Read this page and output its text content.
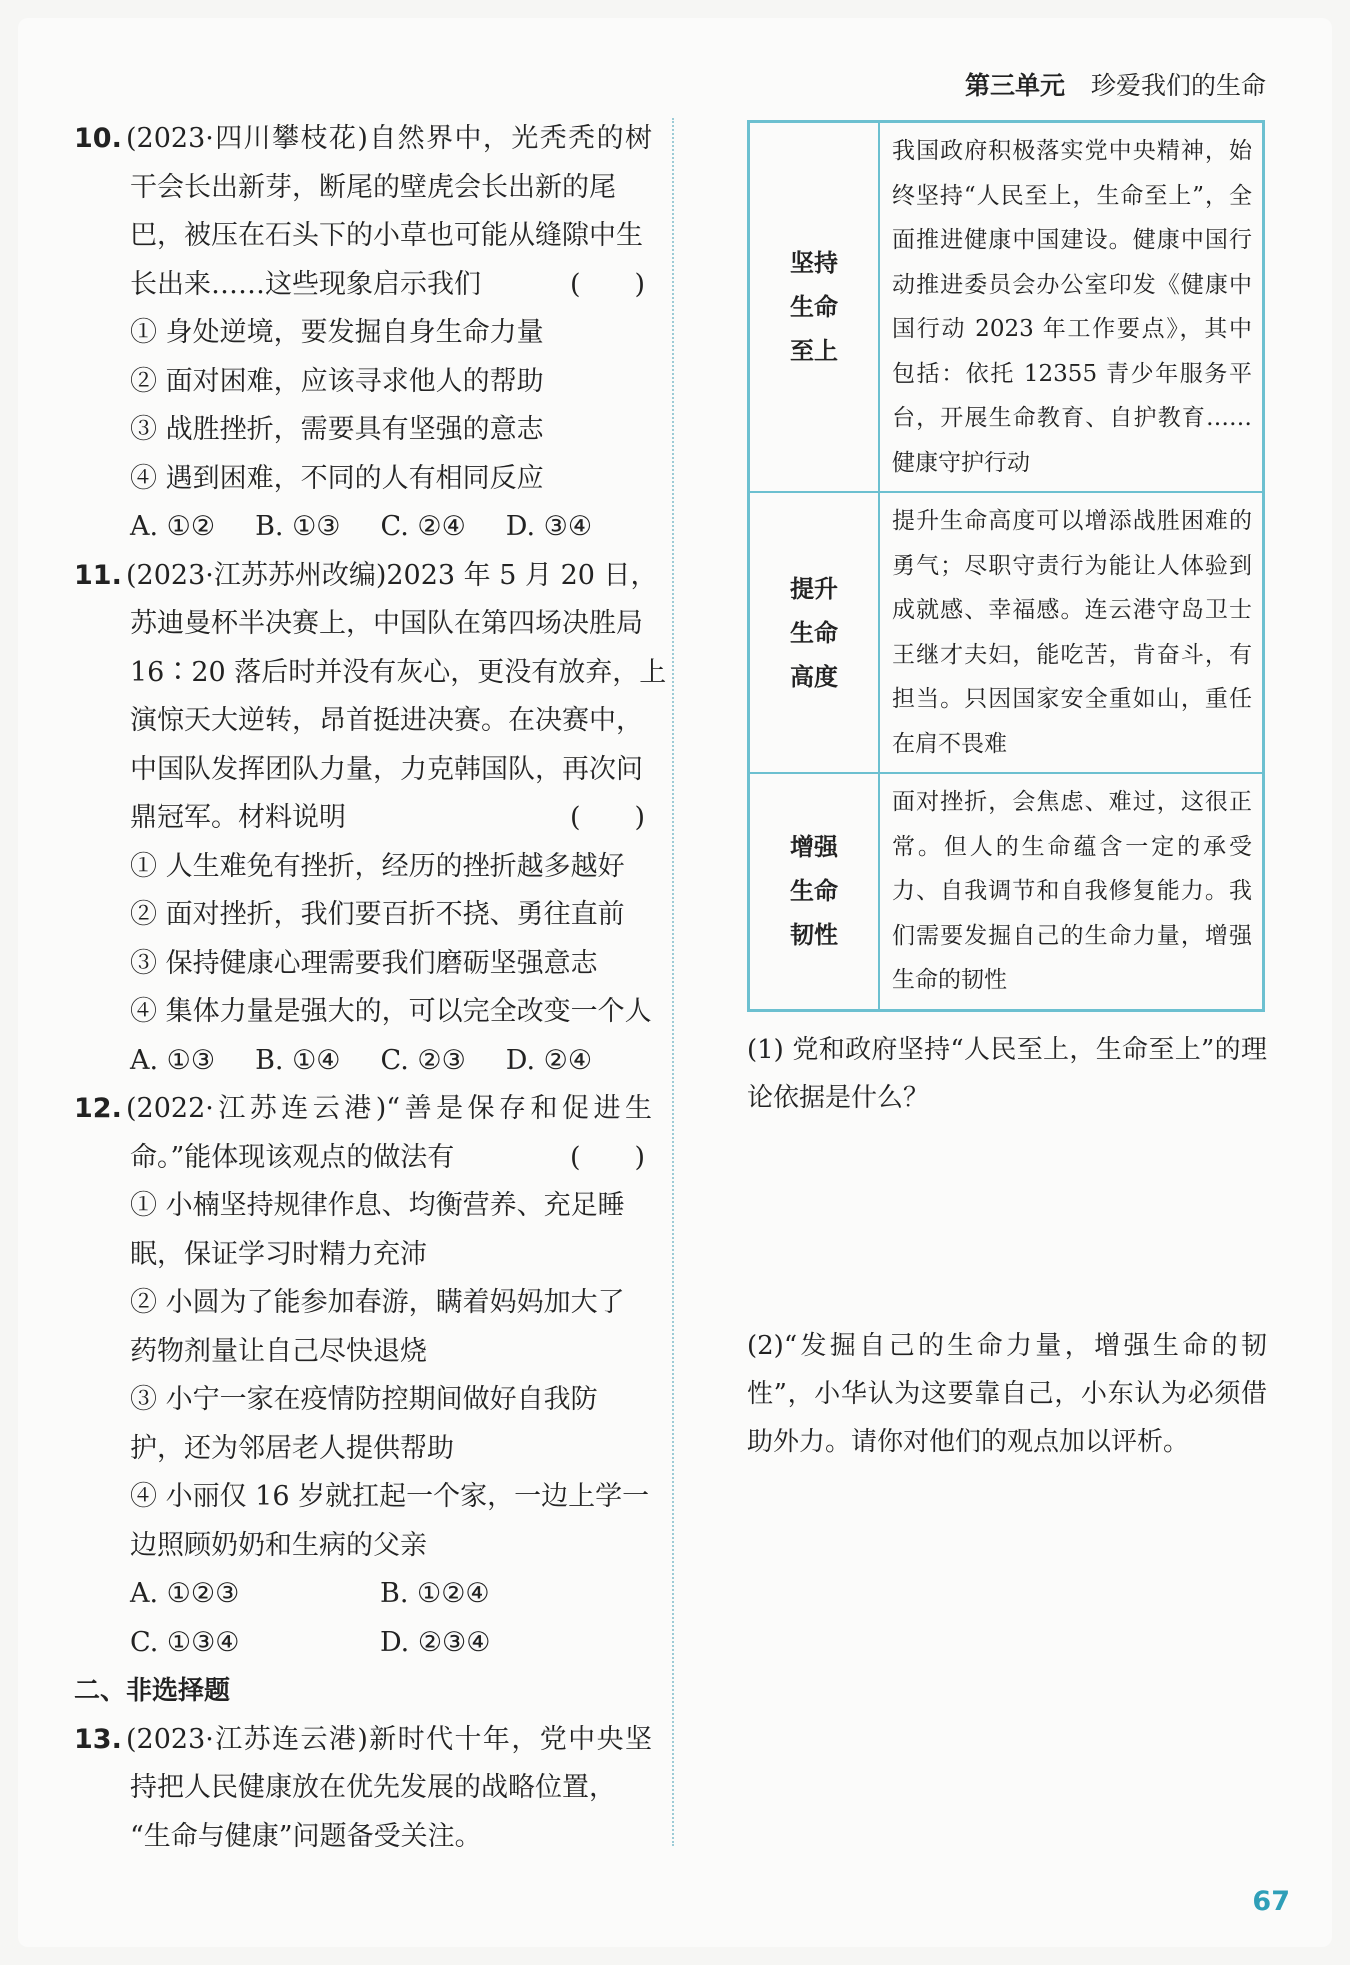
第三单元 珍爱我们的生命
10. (2023·四川攀枝花)自然界中，光秃秃的树
干会长出新芽，断尾的壁虎会长出新的尾
巴，被压在石头下的小草也可能从缝隙中生
长出来……这些现象启示我们	(　　)
① 身处逆境，要发掘自身生命力量
② 面对困难，应该寻求他人的帮助
③ 战胜挫折，需要具有坚强的意志
④ 遇到困难，不同的人有相同反应
A. ①② B. ①③ C. ②④ D. ③④
11. (2023·江苏苏州改编)2023 年 5 月 20 日，
苏迪曼杯半决赛上，中国队在第四场决胜局
16∶20 落后时并没有灰心，更没有放弃，上
演惊天大逆转，昂首挺进决赛。在决赛中，
中国队发挥团队力量，力克韩国队，再次问
鼎冠军。材料说明	(　　)
① 人生难免有挫折，经历的挫折越多越好
② 面对挫折，我们要百折不挠、勇往直前
③ 保持健康心理需要我们磨砺坚强意志
④ 集体力量是强大的，可以完全改变一个人
A. ①③ B. ①④ C. ②③ D. ②④
12. (2022·江苏连云港)“善是保存和促进生
命。”能体现该观点的做法有	(　　)
① 小楠坚持规律作息、均衡营养、充足睡
眠，保证学习时精力充沛
② 小圆为了能参加春游，瞒着妈妈加大了
药物剂量让自己尽快退烧
③ 小宁一家在疫情防控期间做好自我防
护，还为邻居老人提供帮助
④ 小丽仅 16 岁就扛起一个家，一边上学一
边照顾奶奶和生病的父亲
A. ①②③	B. ①②④
C. ①③④	D. ②③④
二、非选择题
13. (2023·江苏连云港)新时代十年，党中央坚
持把人民健康放在优先发展的战略位置，
“生命与健康”问题备受关注。
坚持
生命
至上	我国政府积极落实党中央精神，始终坚持“人民至上，生命至上”，全面推进健康中国建设。健康中国行动推进委员会办公室印发《健康中国行动 2023 年工作要点》，其中包括：依托 12355 青少年服务平台，开展生命教育、自护教育……健康守护行动

提升
生命
高度	提升生命高度可以增添战胜困难的勇气；尽职守责行为能让人体验到成就感、幸福感。连云港守岛卫士王继才夫妇，能吃苦，肯奋斗，有担当。只因国家安全重如山，重任在肩不畏难

增强
生命
韧性	面对挫折，会焦虑、难过，这很正常。但人的生命蕴含一定的承受力、自我调节和自我修复能力。我们需要发掘自己的生命力量，增强生命的韧性
(1) 党和政府坚持“人民至上，生命至上”的理论依据是什么？
(2)“发掘自己的生命力量，增强生命的韧性”，小华认为这要靠自己，小东认为必须借助外力。请你对他们的观点加以评析。
67
